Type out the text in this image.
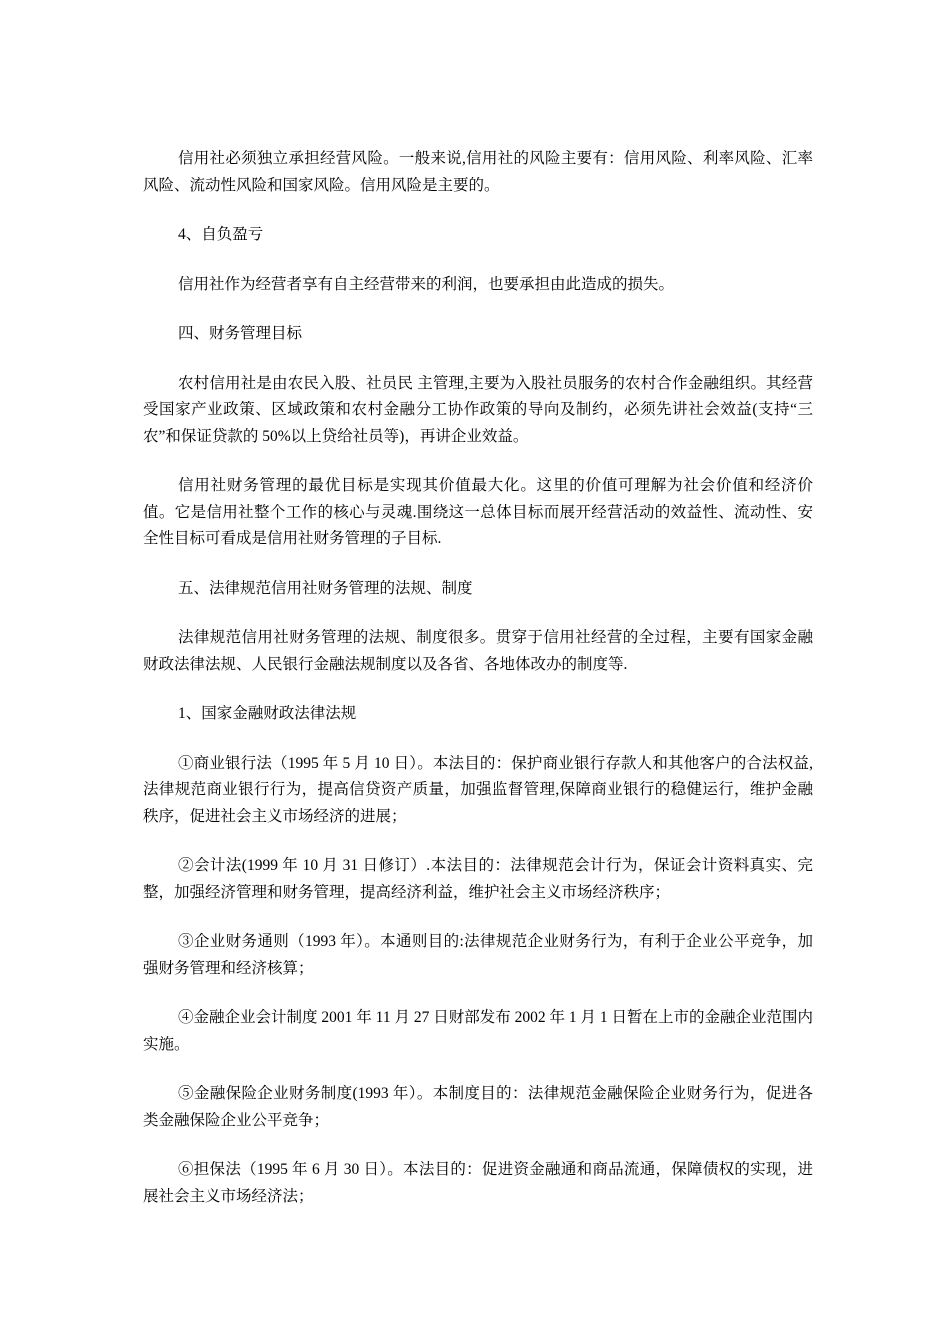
信用社必须独立承担经营风险。一般来说,信用社的风险主要有：信用风险、利率风险、汇率风险、流动性风险和国家风险。信用风险是主要的。

4、自负盈亏

信用社作为经营者享有自主经营带来的利润，也要承担由此造成的损失。

四、财务管理目标

农村信用社是由农民入股、社员民 主管理,主要为入股社员服务的农村合作金融组织。其经营受国家产业政策、区域政策和农村金融分工协作政策的导向及制约，必须先讲社会效益(支持“三农”和保证贷款的 50%以上贷给社员等)，再讲企业效益。

信用社财务管理的最优目标是实现其价值最大化。这里的价值可理解为社会价值和经济价值。它是信用社整个工作的核心与灵魂.围绕这一总体目标而展开经营活动的效益性、流动性、安全性目标可看成是信用社财务管理的子目标.

五、法律规范信用社财务管理的法规、制度

法律规范信用社财务管理的法规、制度很多。贯穿于信用社经营的全过程，主要有国家金融财政法律法规、人民银行金融法规制度以及各省、各地体改办的制度等.

1、国家金融财政法律法规

①商业银行法（1995 年 5 月 10 日）。本法目的：保护商业银行存款人和其他客户的合法权益,法律规范商业银行行为，提高信贷资产质量，加强监督管理,保障商业银行的稳健运行，维护金融秩序，促进社会主义市场经济的进展；

②会计法(1999 年 10 月 31 日修订）.本法目的：法律规范会计行为，保证会计资料真实、完整，加强经济管理和财务管理，提高经济利益，维护社会主义市场经济秩序；

③企业财务通则（1993 年）。本通则目的:法律规范企业财务行为，有利于企业公平竞争，加强财务管理和经济核算；

④金融企业会计制度 2001 年 11 月 27 日财部发布 2002 年 1 月 1 日暂在上市的金融企业范围内实施。

⑤金融保险企业财务制度(1993 年）。本制度目的：法律规范金融保险企业财务行为，促进各类金融保险企业公平竞争；

⑥担保法（1995 年 6 月 30 日）。本法目的：促进资金融通和商品流通，保障债权的实现，进展社会主义市场经济法；
